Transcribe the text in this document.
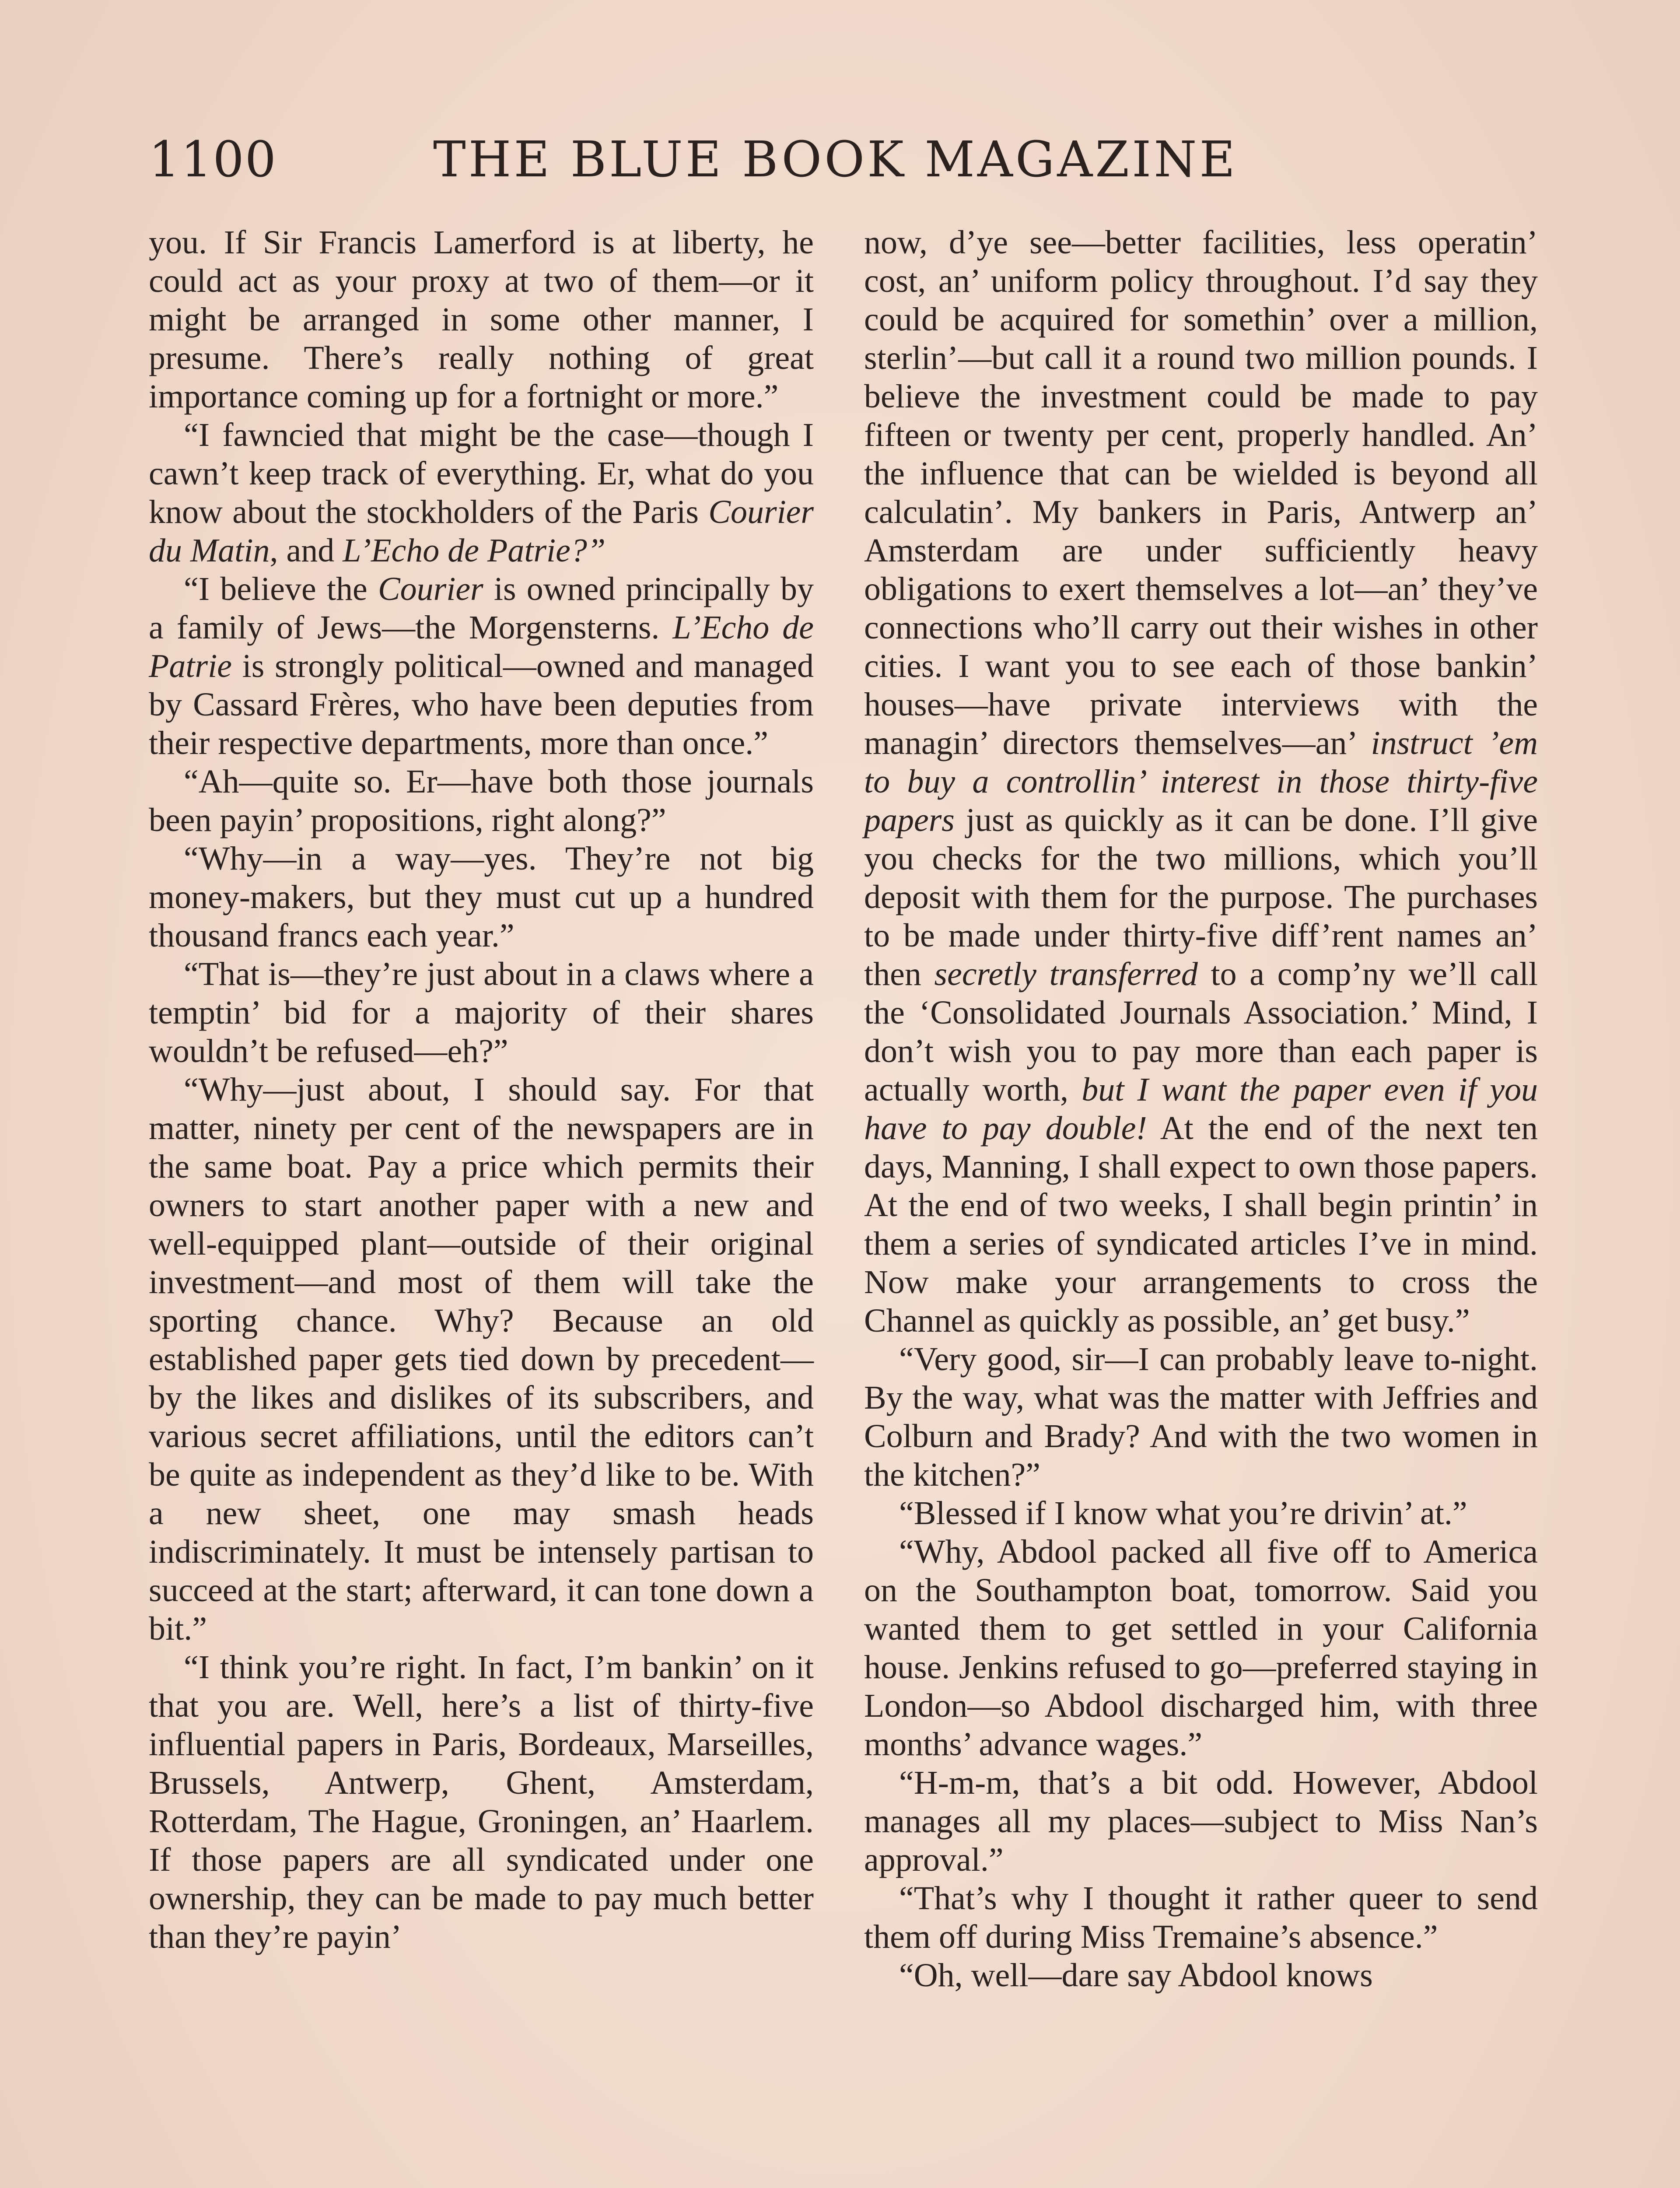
1100	THE BLUE BOOK MAGAZINE

you. If Sir Francis Lamerford is at liberty, he could act as your proxy at two of them—or it might be arranged in some other manner, I presume. There’s really nothing of great importance coming up for a fortnight or more.”

“I fawncied that might be the case—though I cawn’t keep track of everything. Er, what do you know about the stockholders of the Paris Courier du Matin, and L’Echo de Patrie?”

“I believe the Courier is owned principally by a family of Jews—the Morgensterns. L’Echo de Patrie is strongly political—owned and managed by Cassard Frères, who have been deputies from their respective departments, more than once.”

“Ah—quite so. Er—have both those journals been payin’ propositions, right along?”

“Why—in a way—yes. They’re not big money-makers, but they must cut up a hundred thousand francs each year.”

“That is—they’re just about in a claws where a temptin’ bid for a majority of their shares wouldn’t be refused—eh?”

“Why—just about, I should say. For that matter, ninety per cent of the newspapers are in the same boat. Pay a price which permits their owners to start another paper with a new and well-equipped plant—outside of their original investment—and most of them will take the sporting chance. Why? Because an old established paper gets tied down by precedent—by the likes and dislikes of its subscribers, and various secret affiliations, until the editors can’t be quite as independent as they’d like to be. With a new sheet, one may smash heads indiscriminately. It must be intensely partisan to succeed at the start; afterward, it can tone down a bit.”

“I think you’re right. In fact, I’m bankin’ on it that you are. Well, here’s a list of thirty-five influential papers in Paris, Bordeaux, Marseilles, Brussels, Antwerp, Ghent, Amsterdam, Rotterdam, The Hague, Groningen, an’ Haarlem. If those papers are all syndicated under one ownership, they can be made to pay much better than they’re payin’

now, d’ye see—better facilities, less operatin’ cost, an’ uniform policy throughout. I’d say they could be acquired for somethin’ over a million, sterlin’—but call it a round two million pounds. I believe the investment could be made to pay fifteen or twenty per cent, properly handled. An’ the influence that can be wielded is beyond all calculatin’. My bankers in Paris, Antwerp an’ Amsterdam are under sufficiently heavy obligations to exert themselves a lot—an’ they’ve connections who’ll carry out their wishes in other cities. I want you to see each of those bankin’ houses—have private interviews with the managin’ directors themselves—an’ instruct ’em to buy a controllin’ interest in those thirty-five papers just as quickly as it can be done. I’ll give you checks for the two millions, which you’ll deposit with them for the purpose. The purchases to be made under thirty-five diff’rent names an’ then secretly transferred to a comp’ny we’ll call the ‘Consolidated Journals Association.’ Mind, I don’t wish you to pay more than each paper is actually worth, but I want the paper even if you have to pay double! At the end of the next ten days, Manning, I shall expect to own those papers. At the end of two weeks, I shall begin printin’ in them a series of syndicated articles I’ve in mind. Now make your arrangements to cross the Channel as quickly as possible, an’ get busy.”

“Very good, sir—I can probably leave to-night. By the way, what was the matter with Jeffries and Colburn and Brady? And with the two women in the kitchen?”

“Blessed if I know what you’re drivin’ at.”

“Why, Abdool packed all five off to America on the Southampton boat, tomorrow. Said you wanted them to get settled in your California house. Jenkins refused to go—preferred staying in London—so Abdool discharged him, with three months’ advance wages.”

“H-m-m, that’s a bit odd. However, Abdool manages all my places—subject to Miss Nan’s approval.”

“That’s why I thought it rather queer to send them off during Miss Tremaine’s absence.”

“Oh, well—dare say Abdool knows
